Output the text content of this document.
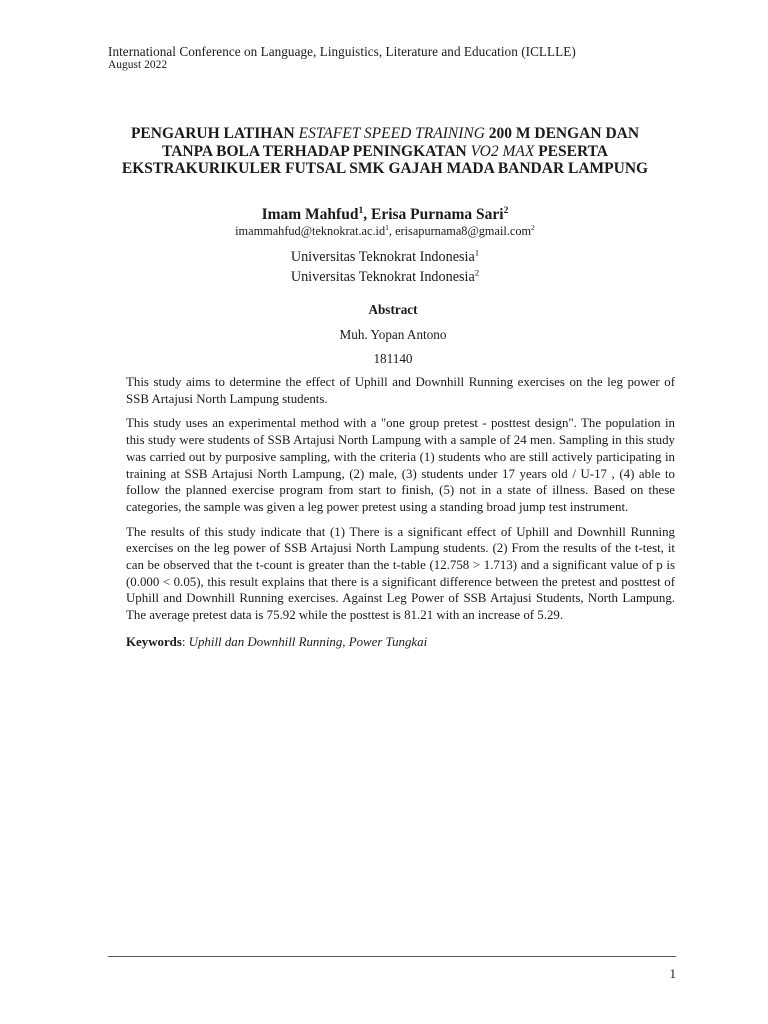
International Conference on Language, Linguistics, Literature and Education (ICLLLE)
August 2022
PENGARUH LATIHAN ESTAFET SPEED TRAINING 200 M DENGAN DAN TANPA BOLA TERHADAP PENINGKATAN VO2 MAX PESERTA EKSTRAKURIKULER FUTSAL SMK GAJAH MADA BANDAR LAMPUNG
Imam Mahfud$^1$, Erisa Purnama Sari$^2$
$imammahfud@teknokrat.ac.id^1$, erisapurnama8@gmail.com$^2$
Universitas Teknokrat Indonesia$^1$
Universitas Teknokrat Indonesia$^2$
Abstract
Muh. Yopan Antono
181140

This study aims to determine the effect of Uphill and Downhill Running exercises on the leg power of SSB Artajusi North Lampung students.

This study uses an experimental method with a "one group pretest - posttest design". The population in this study were students of SSB Artajusi North Lampung with a sample of 24 men. Sampling in this study was carried out by purposive sampling, with the criteria (1) students who are still actively participating in training at SSB Artajusi North Lampung, (2) male, (3) students under 17 years old / U-17 , (4) able to follow the planned exercise program from start to finish, (5) not in a state of illness. Based on these categories, the sample was given a leg power pretest using a standing broad jump test instrument.

The results of this study indicate that (1) There is a significant effect of Uphill and Downhill Running exercises on the leg power of SSB Artajusi North Lampung students. (2) From the results of the t-test, it can be observed that the t-count is greater than the t-table (12.758 > 1.713) and a significant value of p is (0.000 < 0.05), this result explains that there is a significant difference between the pretest and posttest of Uphill and Downhill Running exercises. Against Leg Power of SSB Artajusi Students, North Lampung. The average pretest data is 75.92 while the posttest is 81.21 with an increase of 5.29.

Keywords: Uphill dan Downhill Running, Power Tungkai
1
